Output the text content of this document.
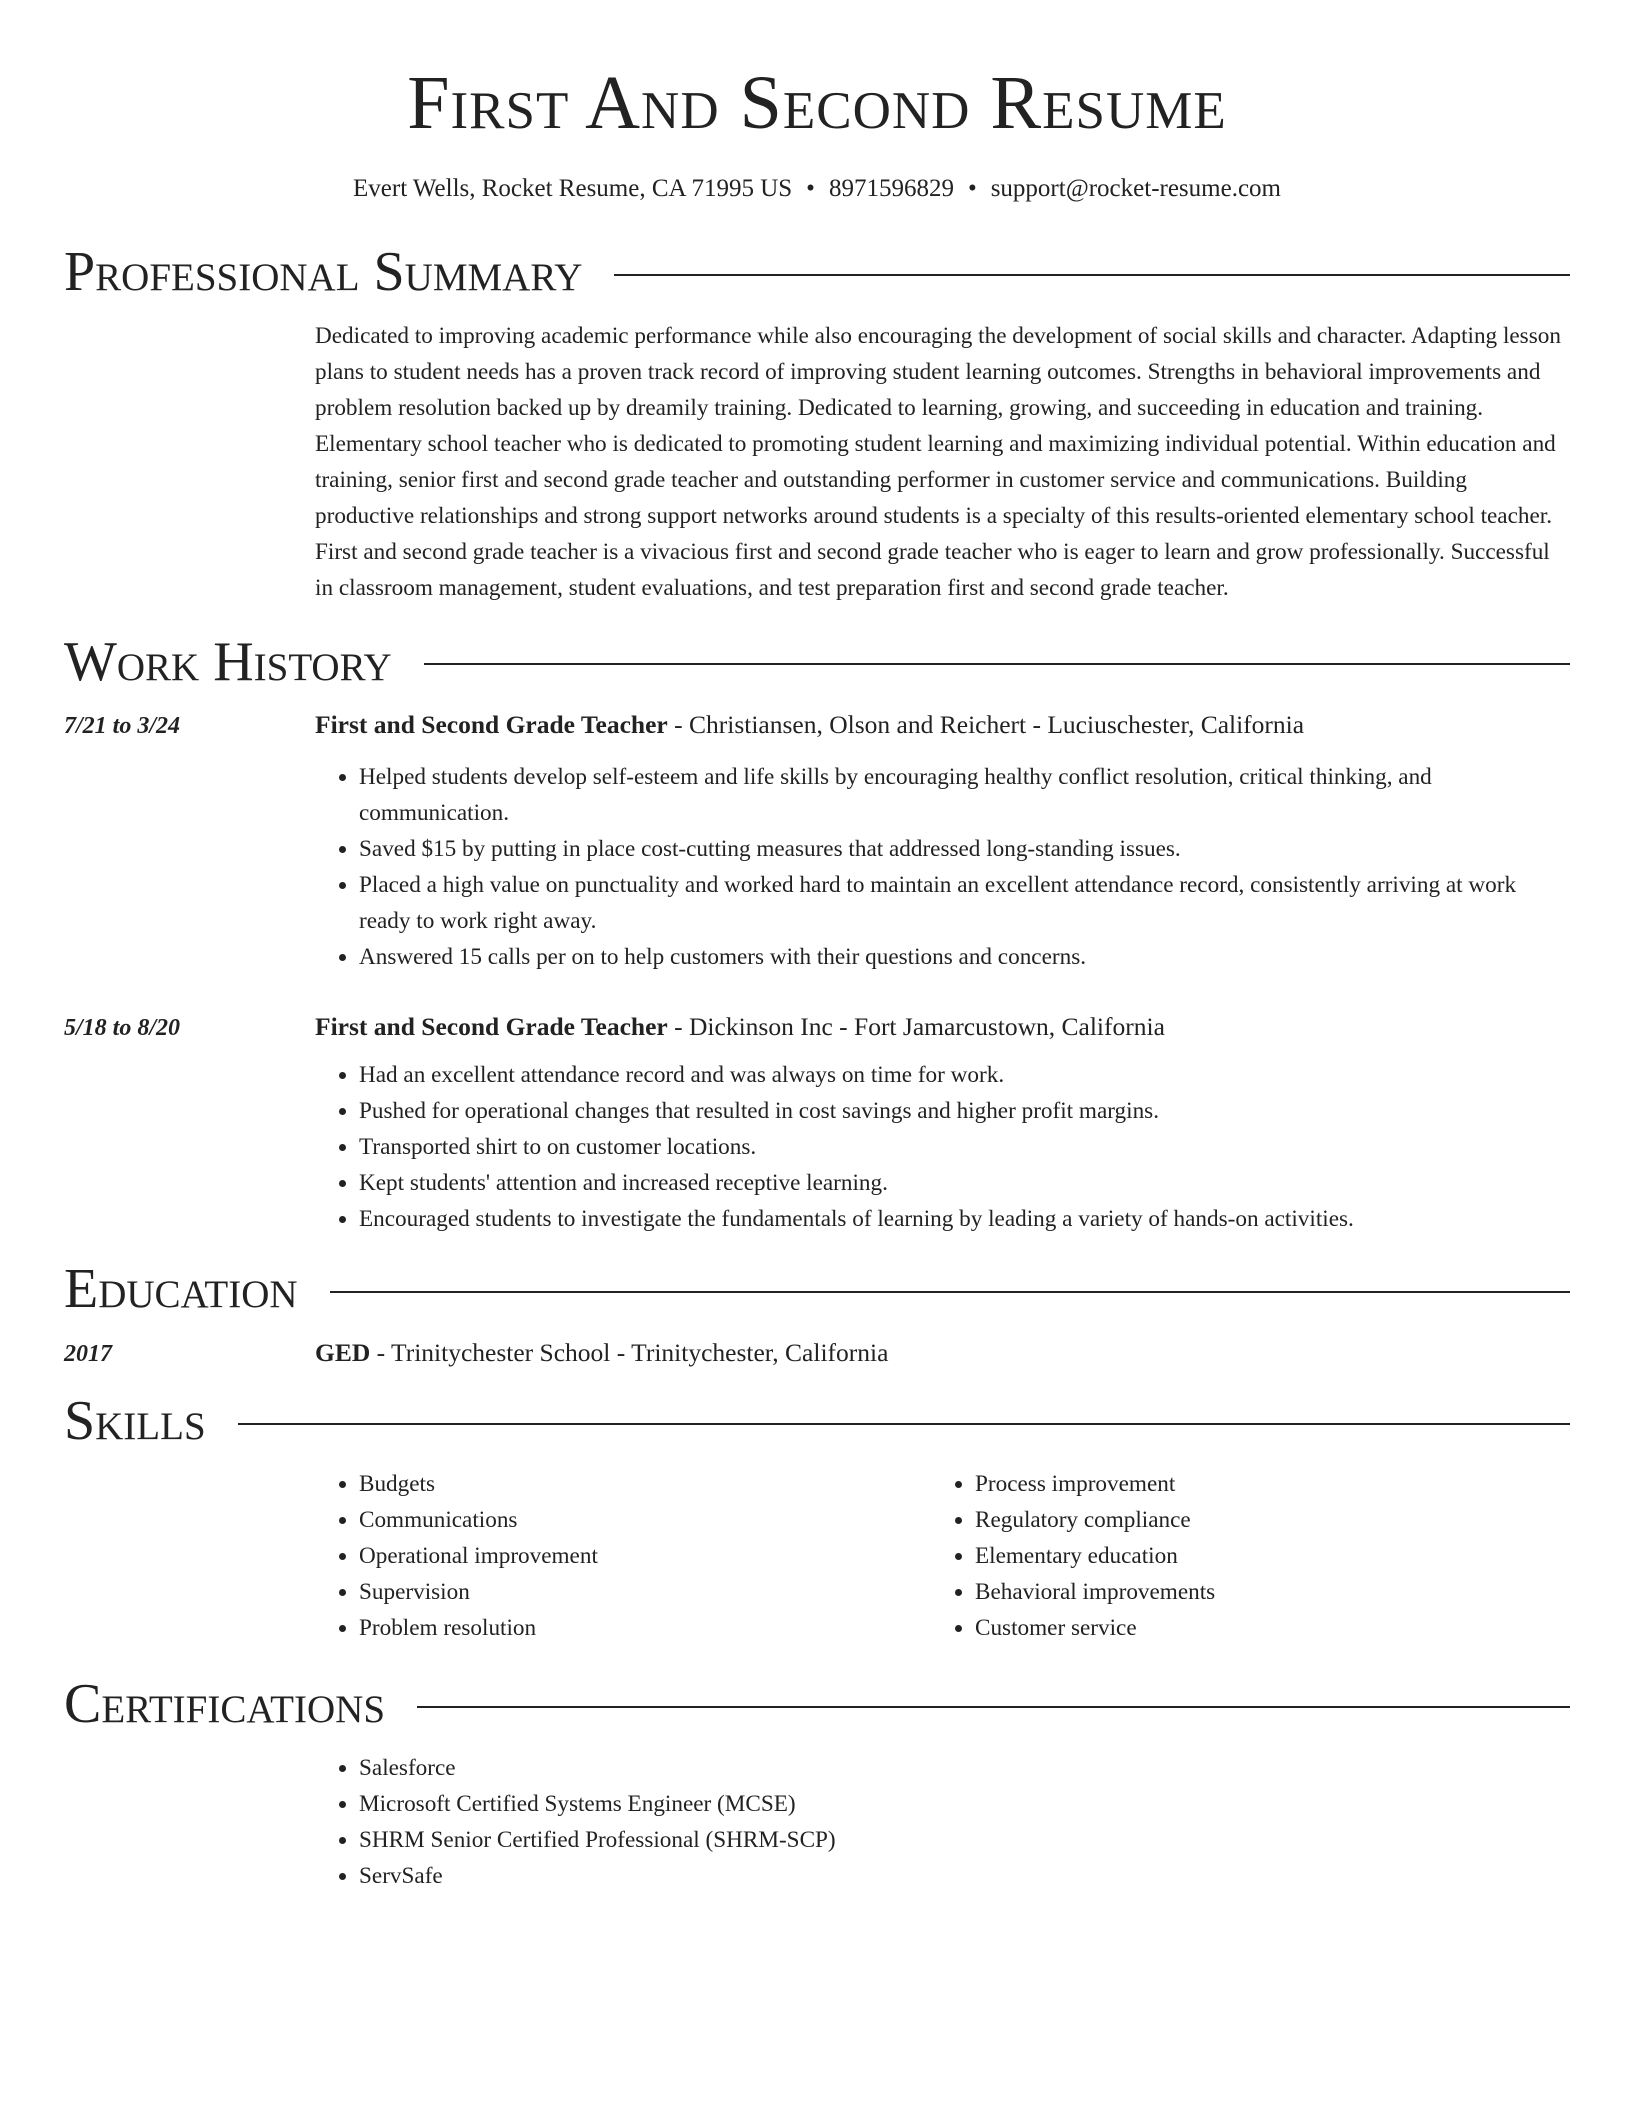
First And Second Resume
Evert Wells, Rocket Resume, CA 71995 US • 8971596829 • support@rocket-resume.com
Professional Summary
Dedicated to improving academic performance while also encouraging the development of social skills and character. Adapting lesson plans to student needs has a proven track record of improving student learning outcomes. Strengths in behavioral improvements and problem resolution backed up by dreamily training. Dedicated to learning, growing, and succeeding in education and training. Elementary school teacher who is dedicated to promoting student learning and maximizing individual potential. Within education and training, senior first and second grade teacher and outstanding performer in customer service and communications. Building productive relationships and strong support networks around students is a specialty of this results-oriented elementary school teacher. First and second grade teacher is a vivacious first and second grade teacher who is eager to learn and grow professionally. Successful in classroom management, student evaluations, and test preparation first and second grade teacher.
Work History
7/21 to 3/24	First and Second Grade Teacher - Christiansen, Olson and Reichert - Luciuschester, California
• Helped students develop self-esteem and life skills by encouraging healthy conflict resolution, critical thinking, and communication.
• Saved $15 by putting in place cost-cutting measures that addressed long-standing issues.
• Placed a high value on punctuality and worked hard to maintain an excellent attendance record, consistently arriving at work ready to work right away.
• Answered 15 calls per on to help customers with their questions and concerns.
5/18 to 8/20	First and Second Grade Teacher - Dickinson Inc - Fort Jamarcustown, California
• Had an excellent attendance record and was always on time for work.
• Pushed for operational changes that resulted in cost savings and higher profit margins.
• Transported shirt to on customer locations.
• Kept students' attention and increased receptive learning.
• Encouraged students to investigate the fundamentals of learning by leading a variety of hands-on activities.
Education
2017	GED - Trinitychester School - Trinitychester, California
Skills
• Budgets
• Communications
• Operational improvement
• Supervision
• Problem resolution
• Process improvement
• Regulatory compliance
• Elementary education
• Behavioral improvements
• Customer service
Certifications
• Salesforce
• Microsoft Certified Systems Engineer (MCSE)
• SHRM Senior Certified Professional (SHRM-SCP)
• ServSafe
